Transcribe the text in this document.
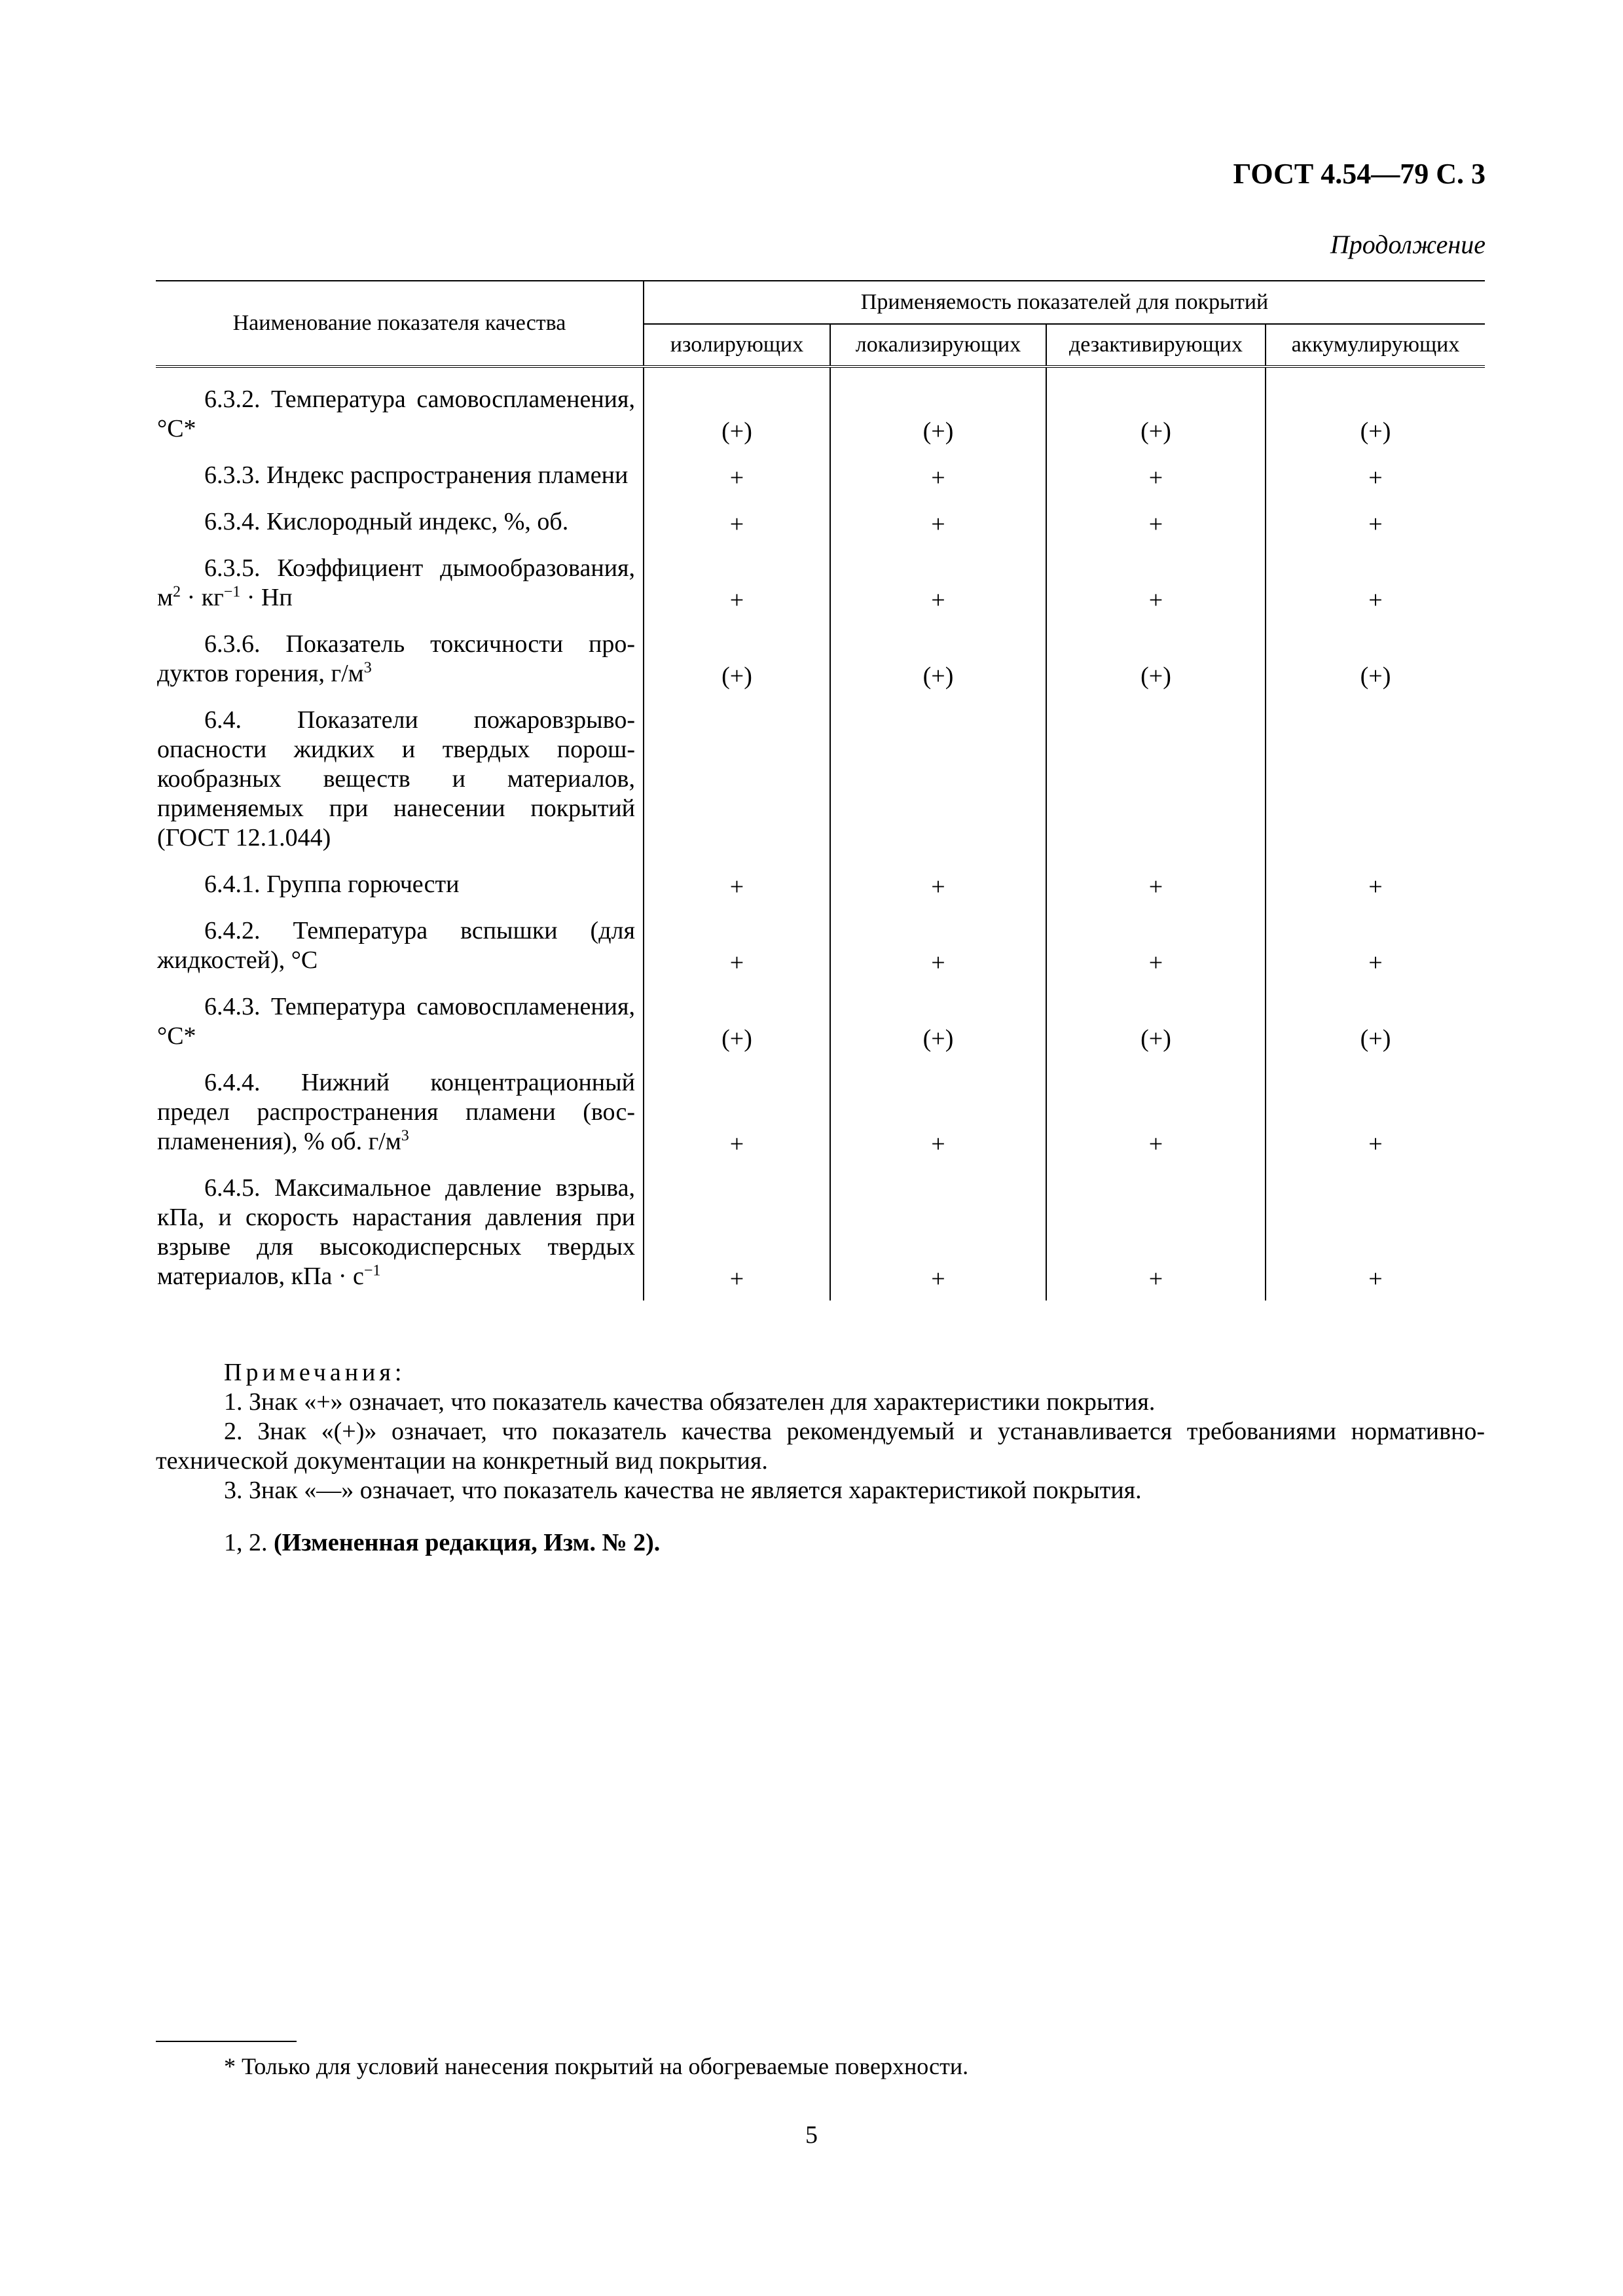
ГОСТ 4.54—79 С. 3
Продолжение
Наименование показателя качества	Применяемость показателей для покрытий			
	изолирующих	локализирующих	дезактивирующих	аккумулирующих
6.3.2. Температура самовоспламенения, °С*	(+)	(+)	(+)	(+)
6.3.3. Индекс распространения пламени	+	+	+	+
6.3.4. Кислородный индекс, %, об.	+	+	+	+
6.3.5. Коэффициент дымообразования, $м^2 \cdot кг^{-1}$ · Нп	+	+	+	+
6.3.6. Показатель токсичности продуктов горения, $г/м^3$	(+)	(+)	(+)	(+)
6.4. Показатели пожаровзрывоопасности жидких и твердых порошкообразных веществ и материалов, применяемых при нанесении покрытий (ГОСТ 12.1.044)				
6.4.1. Группа горючести	+	+	+	+
6.4.2. Температура вспышки (для жидкостей), °С	+	+	+	+
6.4.3. Температура самовоспламенения, °С*	(+)	(+)	(+)	(+)
6.4.4. Нижний концентрационный предел распространения пламени (воспламенения), % об. $г/м^3$	+	+	+	+
6.4.5. Максимальное давление взрыва, кПа, и скорость нарастания давления при взрыве для высокодисперсных твердых материалов, кПа · $с^{-1}$	+	+	+	+
Примечания:
1. Знак «+» означает, что показатель качества обязателен для характеристики покрытия.
2. Знак «(+)» означает, что показатель качества рекомендуемый и устанавливается требованиями нормативно-технической документации на конкретный вид покрытия.
3. Знак «—» означает, что показатель качества не является характеристикой покрытия.
1, 2. (Измененная редакция, Изм. № 2).
* Только для условий нанесения покрытий на обогреваемые поверхности.
5
